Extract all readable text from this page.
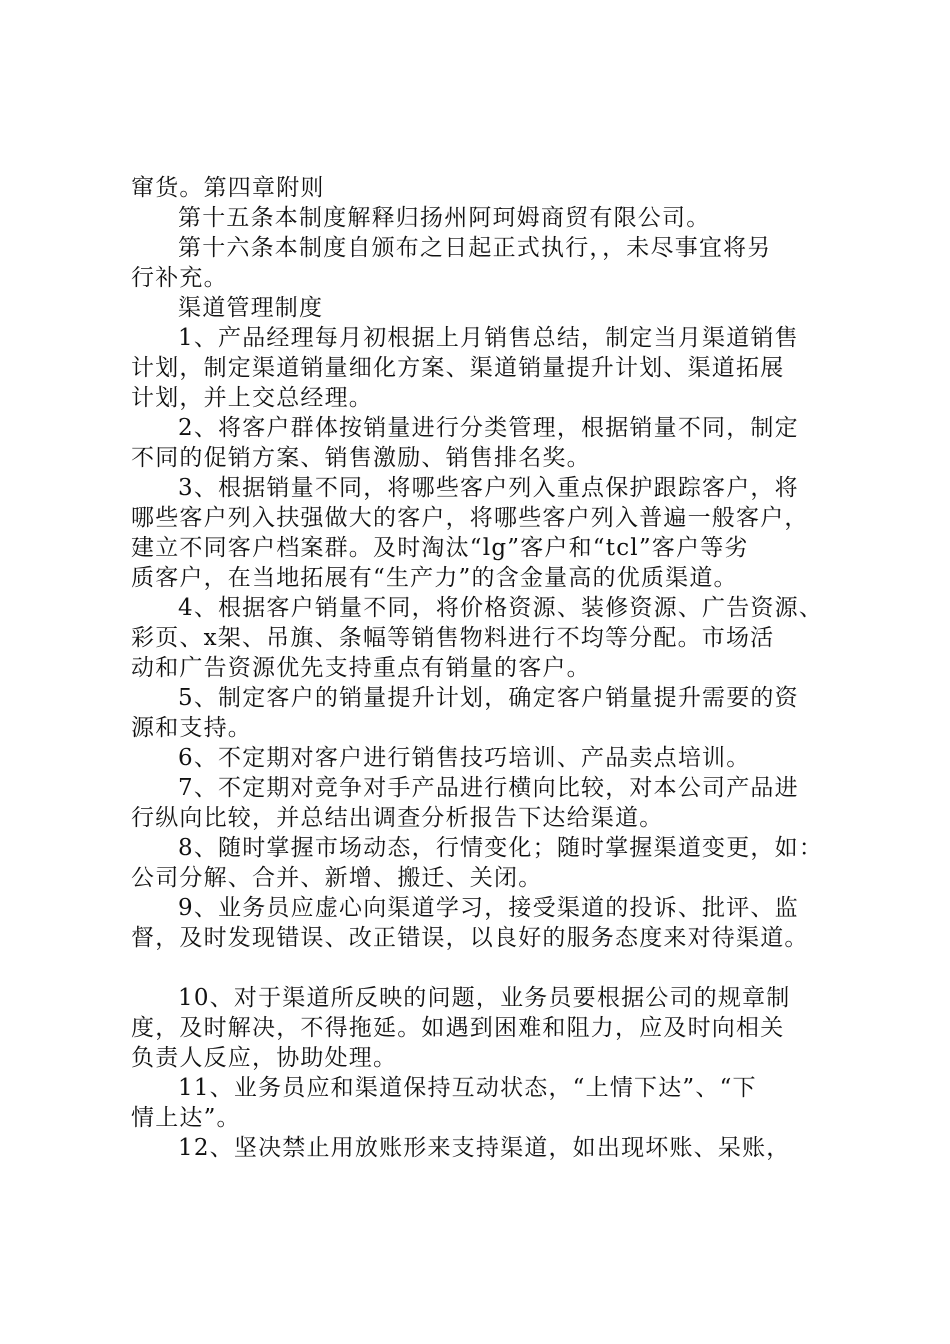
窜货。第四章附则
第十五条本制度解释归扬州阿珂姆商贸有限公司。
第十六条本制度自颁布之日起正式执行，，未尽事宜将另
行补充。
渠道管理制度
1、产品经理每月初根据上月销售总结，制定当月渠道销售
计划，制定渠道销量细化方案、渠道销量提升计划、渠道拓展
计划，并上交总经理。
2、将客户群体按销量进行分类管理，根据销量不同，制定
不同的促销方案、销售激励、销售排名奖。
3、根据销量不同，将哪些客户列入重点保护跟踪客户，将
哪些客户列入扶强做大的客户，将哪些客户列入普遍一般客户，
建立不同客户档案群。及时淘汰“lg”客户和“tcl”客户等劣
质客户，在当地拓展有“生产力”的含金量高的优质渠道。
4、根据客户销量不同，将价格资源、装修资源、广告资源、
彩页、x架、吊旗、条幅等销售物料进行不均等分配。市场活
动和广告资源优先支持重点有销量的客户。
5、制定客户的销量提升计划，确定客户销量提升需要的资
源和支持。
6、不定期对客户进行销售技巧培训、产品卖点培训。
7、不定期对竞争对手产品进行横向比较，对本公司产品进
行纵向比较，并总结出调查分析报告下达给渠道。
8、随时掌握市场动态，行情变化；随时掌握渠道变更，如：
公司分解、合并、新增、搬迁、关闭。
9、业务员应虚心向渠道学习，接受渠道的投诉、批评、监
督，及时发现错误、改正错误，以良好的服务态度来对待渠道。
10、对于渠道所反映的问题，业务员要根据公司的规章制
度，及时解决，不得拖延。如遇到困难和阻力，应及时向相关
负责人反应，协助处理。
11、业务员应和渠道保持互动状态，“上情下达”、“下
情上达”。
12、坚决禁止用放账形来支持渠道，如出现坏账、呆账，
